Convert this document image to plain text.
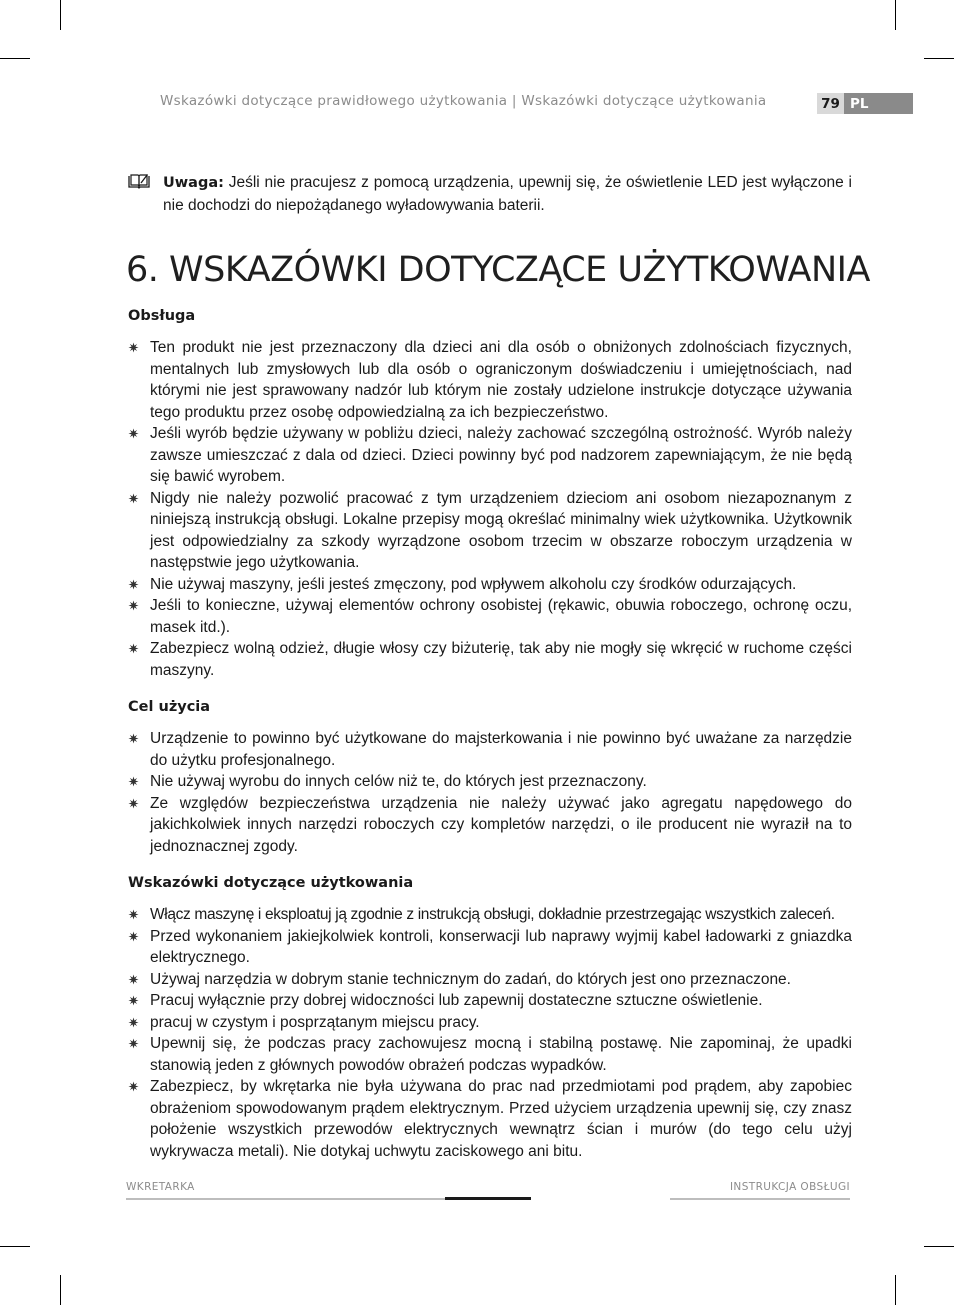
Wskazówki dotyczące prawidłowego użytkowania | Wskazówki dotyczące użytkowania	79 PL
Uwaga: Jeśli nie pracujesz z pomocą urządzenia, upewnij się, że oświetlenie LED jest wyłączone i nie dochodzi do niepożądanego wyładowywania baterii.
6. WSKAZÓWKI DOTYCZĄCE UŻYTKOWANIA
Obsługa
Ten produkt nie jest przeznaczony dla dzieci ani dla osób o obniżonych zdolnościach fizycznych, mentalnych lub zmysłowych lub dla osób o ograniczonym doświadczeniu i umiejętnościach, nad którymi nie jest sprawowany nadzór lub którym nie zostały udzielone instrukcje dotyczące używania tego produktu przez osobę odpowiedzialną za ich bezpieczeństwo.
Jeśli wyrób będzie używany w pobliżu dzieci, należy zachować szczególną ostrożność. Wyrób należy zawsze umieszczać z dala od dzieci. Dzieci powinny być pod nadzorem zapewniającym, że nie będą się bawić wyrobem.
Nigdy nie należy pozwolić pracować z tym urządzeniem dzieciom ani osobom niezapoznanym z niniejszą instrukcją obsługi. Lokalne przepisy mogą określać minimalny wiek użytkownika. Użytkownik jest odpowiedzialny za szkody wyrządzone osobom trzecim w obszarze roboczym urządzenia w następstwie jego użytkowania.
Nie używaj maszyny, jeśli jesteś zmęczony, pod wpływem alkoholu czy środków odurzających.
Jeśli to konieczne, używaj elementów ochrony osobistej (rękawic, obuwia roboczego, ochronę oczu, masek itd.).
Zabezpiecz wolną odzież, długie włosy czy biżuterię, tak aby nie mogły się wkręcić w ruchome części maszyny.
Cel użycia
Urządzenie to powinno być użytkowane do majsterkowania i nie powinno być uważane za narzędzie do użytku profesjonalnego.
Nie używaj wyrobu do innych celów niż te, do których jest przeznaczony.
Ze względów bezpieczeństwa urządzenia nie należy używać jako agregatu napędowego do jakichkolwiek innych narzędzi roboczych czy kompletów narzędzi, o ile producent nie wyraził na to jednoznacznej zgody.
Wskazówki dotyczące użytkowania
Włącz maszynę i eksploatuj ją zgodnie z instrukcją obsługi, dokładnie przestrzegając wszystkich zaleceń.
Przed wykonaniem jakiejkolwiek kontroli, konserwacji lub naprawy wyjmij kabel ładowarki z gniazdka elektrycznego.
Używaj narzędzia w dobrym stanie technicznym do zadań, do których jest ono przeznaczone.
Pracuj wyłącznie przy dobrej widoczności lub zapewnij dostateczne sztuczne oświetlenie.
pracuj w czystym i posprzątanym miejscu pracy.
Upewnij się, że podczas pracy zachowujesz mocną i stabilną postawę. Nie zapominaj, że upadki stanowią jeden z głównych powodów obrażeń podczas wypadków.
Zabezpiecz, by wkrętarka nie była używana do prac nad przedmiotami pod prądem, aby zapobiec obrażeniom spowodowanym prądem elektrycznym. Przed użyciem urządzenia upewnij się, czy znasz położenie wszystkich przewodów elektrycznych wewnątrz ścian i murów (do tego celu użyj wykrywacza metali). Nie dotykaj uchwytu zaciskowego ani bitu.
WKRETARKA	INSTRUKCJA OBSŁUGI
